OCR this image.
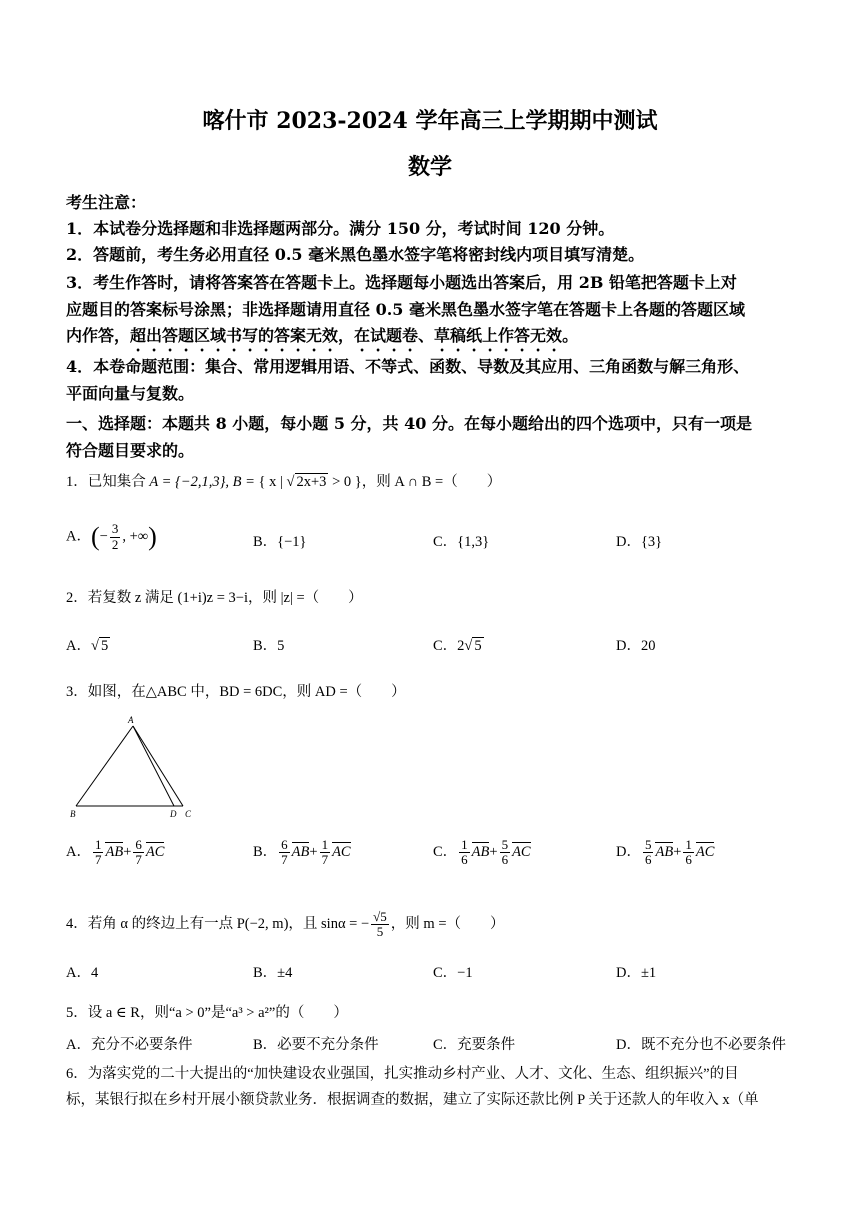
喀什市 2023-2024 学年高三上学期期中测试
数学
考生注意：
1．本试卷分选择题和非选择题两部分。满分 150 分，考试时间 120 分钟。
2．答题前，考生务必用直径 0.5 毫米黑色墨水签字笔将密封线内项目填写清楚。
3．考生作答时，请将答案答在答题卡上。选择题每小题选出答案后，用 2B 铅笔把答题卡上对
应题目的答案标号涂黑；非选择题请用直径 0.5 毫米黑色墨水签字笔在答题卡上各题的答题区域
内作答，超出答题区域书写的答案无效，在试题卷、草稿纸上作答无效。
4．本卷命题范围：集合、常用逻辑用语、不等式、函数、导数及其应用、三角函数与解三角形、
平面向量与复数。
一、选择题：本题共 8 小题，每小题 5 分，共 40 分。在每小题给出的四个选项中，只有一项是
符合题目要求的。
1．已知集合 A = {−2,1,3}, B = { x | √ 2x+3 > 0 }，则 A ∩ B =（　　）
A．(− $\frac{3}{2}$ , +∞)	B．{−1}	C．{1,3}	D．{3}
2．若复数 z 满足 (1+i)z = 3−i，则 |z| =（　　）
A．√ 5	B．5	C．2√ 5	D．20
3．如图，在△ABC 中，BD = 6DC，则 AD =（　　）
A
B	D C
A． $\frac{1}{7} AB+ \frac{6}{7}$ AC	B． $\frac{6}{7} AB+ \frac{1}{7}$ AC	C． $\frac{1}{6} AB+ \frac{5}{6}$ AC	D． $\frac{5}{6} AB+ \frac{1}{6}$ AC
4．若角 α 的终边上有一点 P(−2, m)，且 sinα = − $\frac{√5}{5}$ ，则 m =（　　）
A．4	B．±4	C．−1	D．±1
5．设 a ∈ R，则“a > 0”是“a³ > a²”的（　　）
A．充分不必要条件	B．必要不充分条件	C．充要条件	D．既不充分也不必要条件
6．为落实党的二十大提出的“加快建设农业强国，扎实推动乡村产业、人才、文化、生态、组织振兴”的目
标，某银行拟在乡村开展小额贷款业务．根据调查的数据，建立了实际还款比例 P 关于还款人的年收入 x（单
